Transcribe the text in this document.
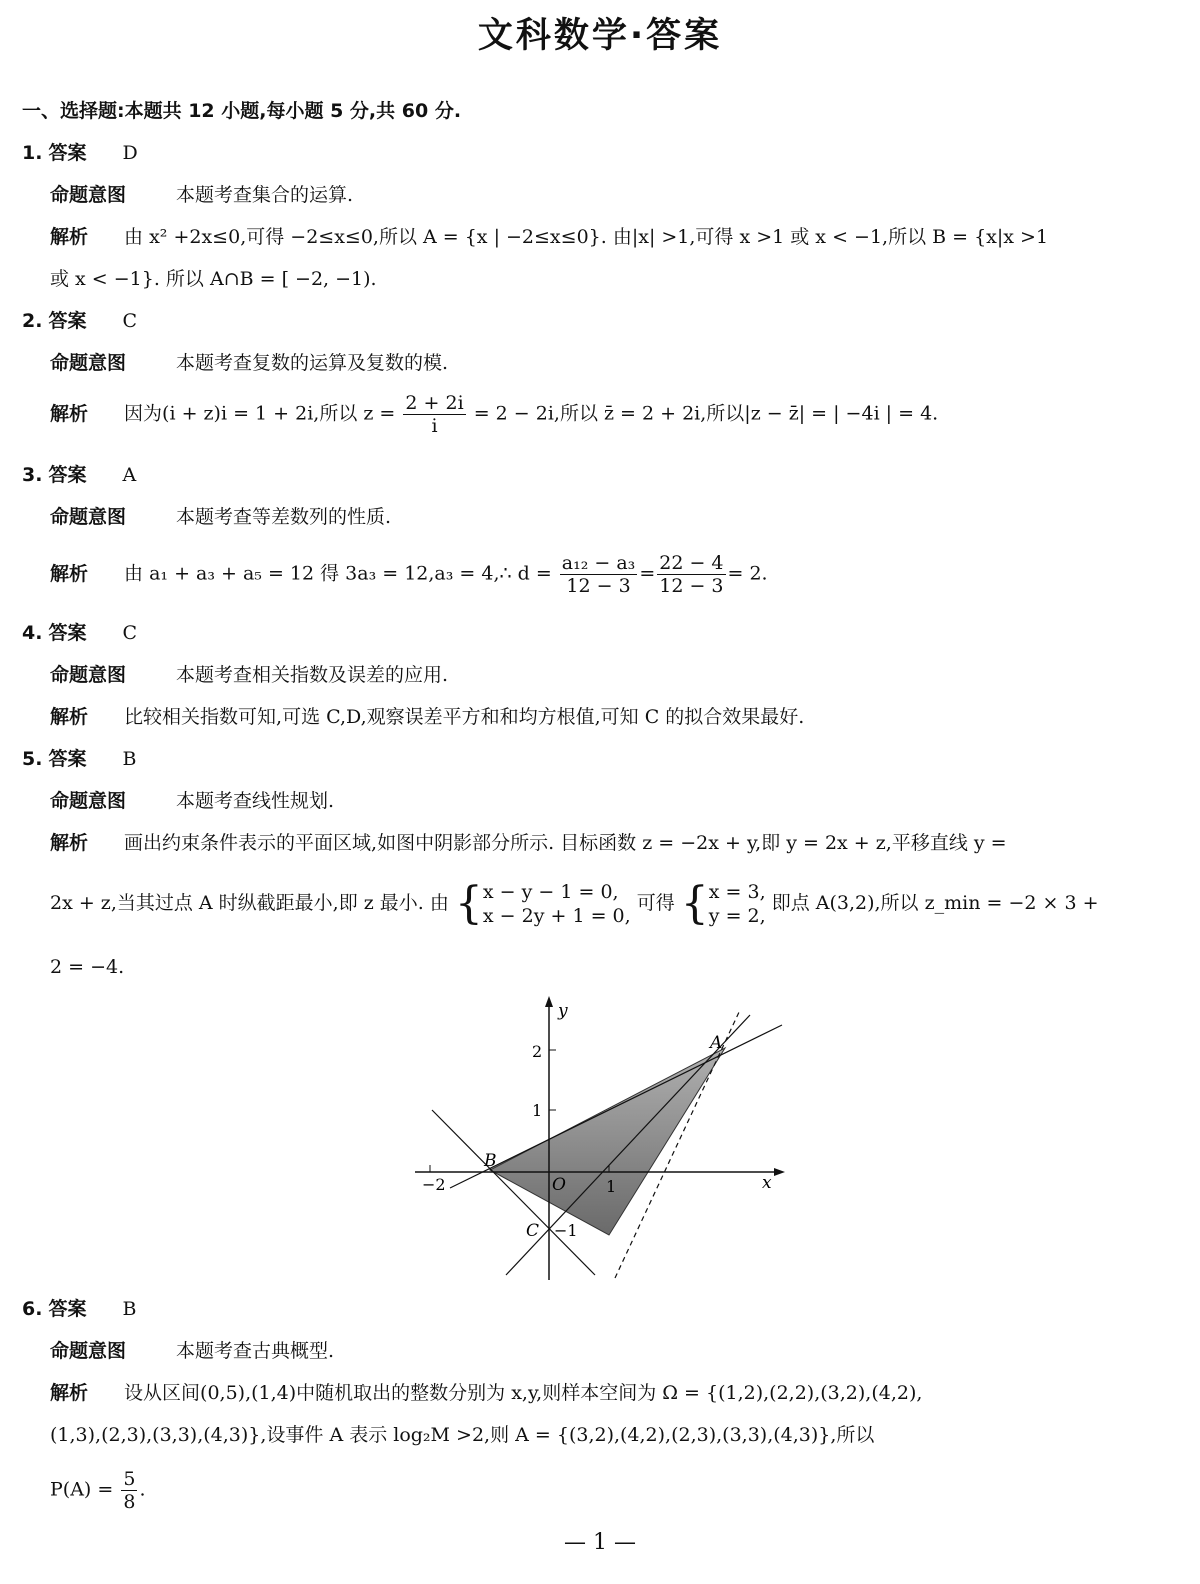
文科数学·答案
一、选择题:本题共 12 小题,每小题 5 分,共 60 分.
1. 答案 D
命题意图	本题考查集合的运算.
解析 由 x² +2x≤0,可得 −2≤x≤0,所以 A = {x | −2≤x≤0}. 由|x| >1,可得 x >1 或 x < −1,所以 B = {x|x >1
或 x < −1}. 所以 A∩B = [ −2, −1).
2. 答案 C
命题意图	本题考查复数的运算及复数的模.
解析 因为(i + z)i = 1 + 2i,所以 $z = \frac{2 + 2i}{i} = 2 - 2i$,所以 z̄ = 2 + 2i,所以|z − z̄| = | −4i | = 4.
3. 答案 A
命题意图	本题考查等差数列的性质.
解析 由 a₁ + a₃ + a₅ = 12 得 3a₃ = 12,a₃ = 4,∴ $d = \frac{\text{a₁₂ − a₃}}{12 - 3} = \frac{22 - 4}{12 - 3} = 2$.
4. 答案 C
命题意图	本题考查相关指数及误差的应用.
解析 比较相关指数可知,可选 C,D,观察误差平方和和均方根值,可知 C 的拟合效果最好.
5. 答案 B
命题意图	本题考查线性规划.
解析 画出约束条件表示的平面区域,如图中阴影部分所示. 目标函数 z = −2x + y,即 y = 2x + z,平移直线 y =
2x + z,当其过点 A 时纵截距最小,即 z 最小. 由 { x − y − 1 = 0,
x − 2y + 1 = 0,
可得 { x = 3,
y = 2,
即点 A(3,2),所以 z_min = −2 × 3 +
2 = −4.
x
y
O
−2	1
1
2
−1
A
B
C
6. 答案 B
命题意图	本题考查古典概型.
解析 设从区间(0,5),(1,4)中随机取出的整数分别为 x,y,则样本空间为 Ω = {(1,2),(2,2),(3,2),(4,2),
(1,3),(2,3),(3,3),(4,3)},设事件 A 表示 log₂M >2,则 A = {(3,2),(4,2),(2,3),(3,3),(4,3)},所以
$P(A) = \frac{5}{8}$ .
— 1 —
